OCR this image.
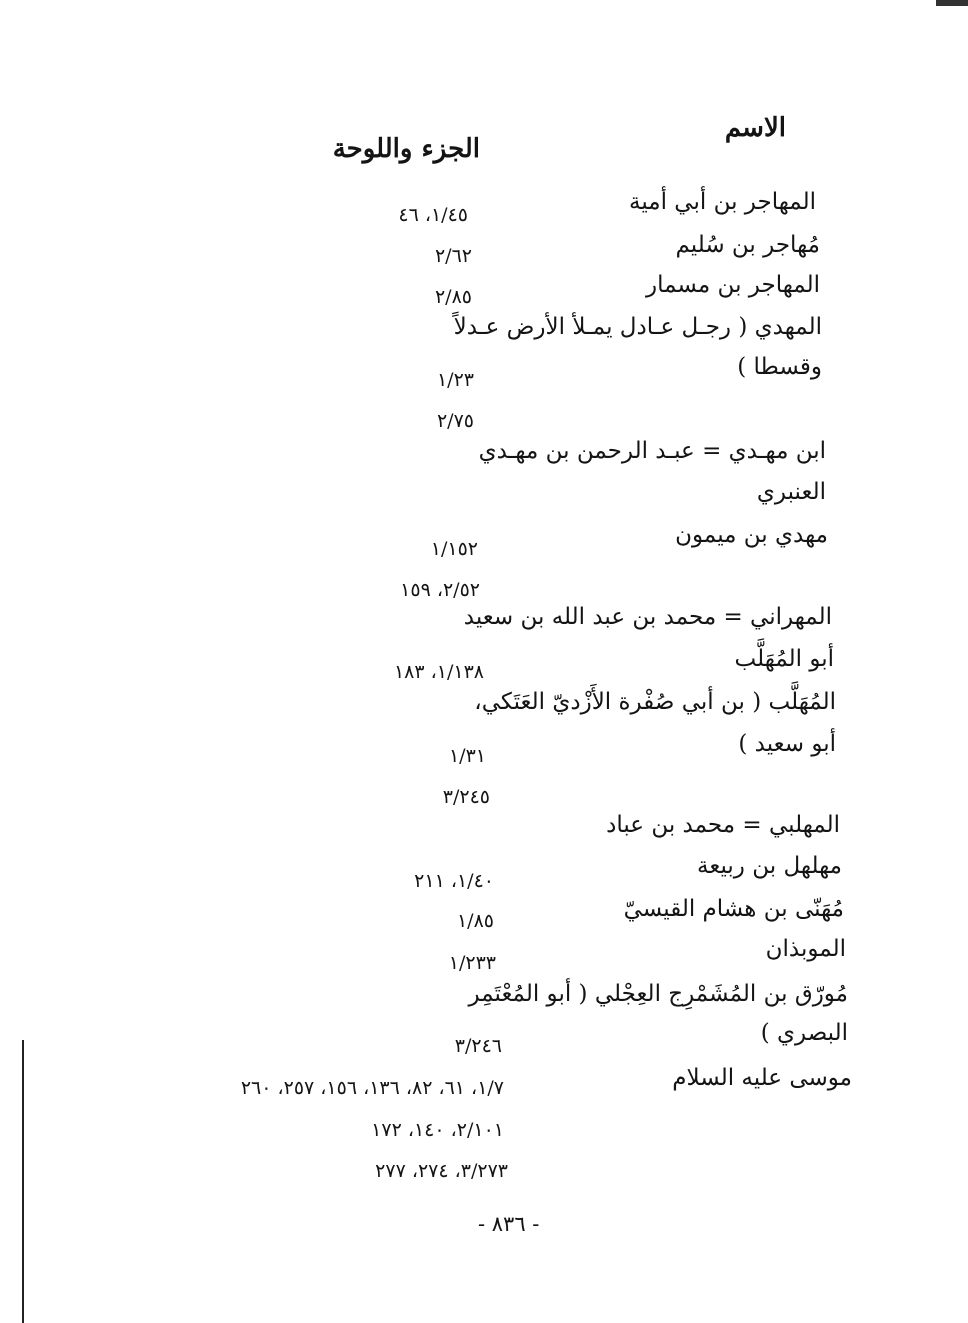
الاسم
الجزء واللوحة
المهاجر بن أبي أمية
١/٤٥، ٤٦
مُهاجر بن سُليم
٢/٦٢
المهاجر بن مسمار
٢/٨٥
المهدي ( رجـل عـادل يمـلأ الأرض عـدلاً
وقسطا )
١/٢٣
٢/٧٥
ابن مهـدي = عبـد الرحمن بن مهـدي
العنبري
مهدي بن ميمون
١/١٥٢
٢/٥٢، ١٥٩
المهراني = محمد بن عبد الله بن سعيد
أبو المُهَلَّب
١/١٣٨، ١٨٣
المُهَلَّب ( بن أبي صُفْرة الأَزْديّ العَتَكي،
أبو سعيد )
١/٣١
٣/٢٤٥
المهلبي = محمد بن عباد
مهلهل بن ربيعة
١/٤٠، ٢١١
مُهَنّى بن هشام القيسيّ
١/٨٥
الموبذان
١/٢٣٣
مُورّق بن المُشَمْرِج العِجْلي ( أبو المُعْتَمِر
البصري )
٣/٢٤٦
موسى عليه السلام
١/٧، ٦١، ٨٢، ١٣٦، ١٥٦، ٢٥٧، ٢٦٠
٢/١٠١، ١٤٠، ١٧٢
٣/٢٧٣، ٢٧٤، ٢٧٧
- ٨٣٦ -
